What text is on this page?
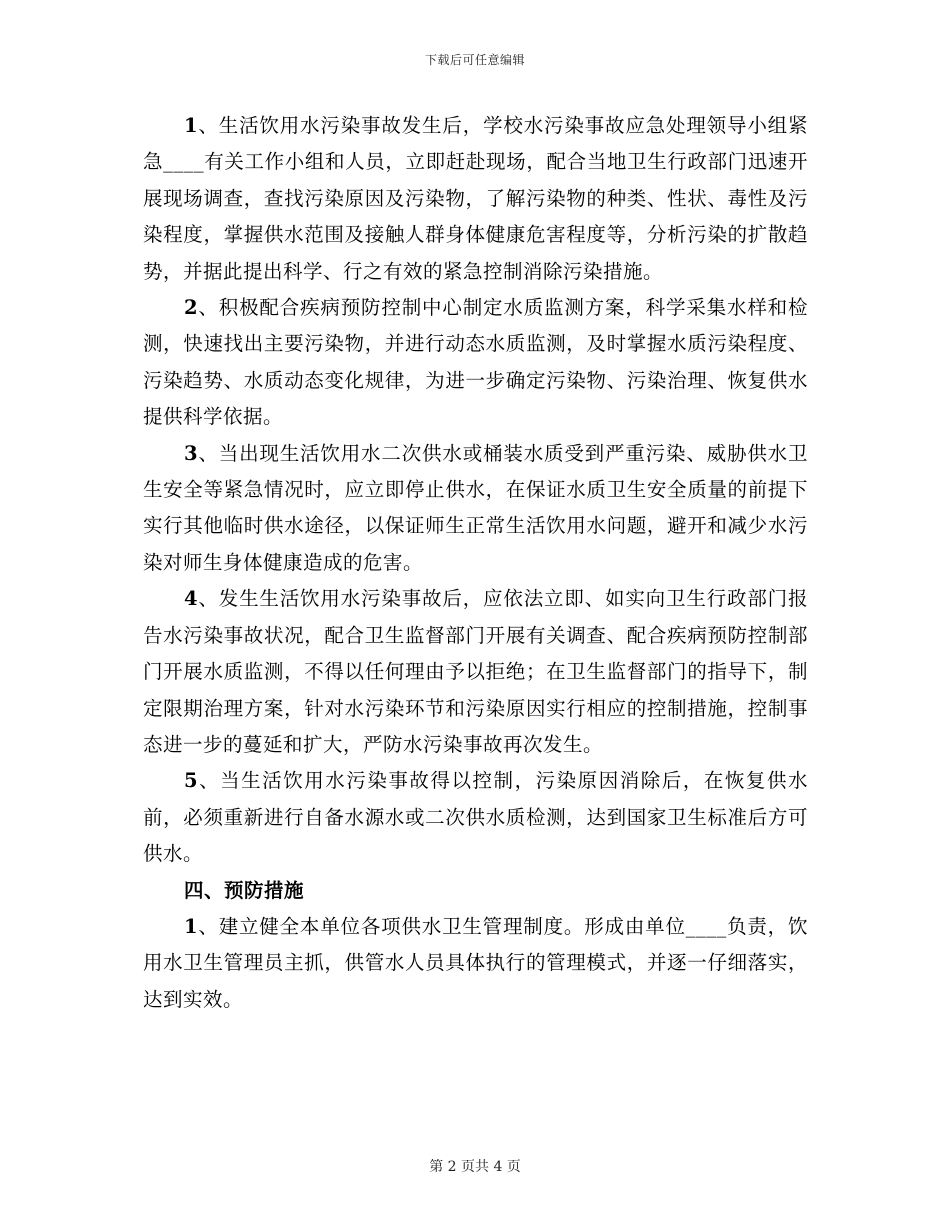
下载后可任意编辑

1、生活饮用水污染事故发生后，学校水污染事故应急处理领导小组紧急____有关工作小组和人员，立即赶赴现场，配合当地卫生行政部门迅速开展现场调查，查找污染原因及污染物，了解污染物的种类、性状、毒性及污染程度，掌握供水范围及接触人群身体健康危害程度等，分析污染的扩散趋势，并据此提出科学、行之有效的紧急控制消除污染措施。

2、积极配合疾病预防控制中心制定水质监测方案，科学采集水样和检测，快速找出主要污染物，并进行动态水质监测，及时掌握水质污染程度、污染趋势、水质动态变化规律，为进一步确定污染物、污染治理、恢复供水提供科学依据。

3、当出现生活饮用水二次供水或桶装水质受到严重污染、威胁供水卫生安全等紧急情况时，应立即停止供水，在保证水质卫生安全质量的前提下实行其他临时供水途径，以保证师生正常生活饮用水问题，避开和减少水污染对师生身体健康造成的危害。

4、发生生活饮用水污染事故后，应依法立即、如实向卫生行政部门报告水污染事故状况，配合卫生监督部门开展有关调查、配合疾病预防控制部门开展水质监测，不得以任何理由予以拒绝；在卫生监督部门的指导下，制定限期治理方案，针对水污染环节和污染原因实行相应的控制措施，控制事态进一步的蔓延和扩大，严防水污染事故再次发生。

5、当生活饮用水污染事故得以控制，污染原因消除后，在恢复供水前，必须重新进行自备水源水或二次供水质检测，达到国家卫生标准后方可供水。

四、预防措施

1、建立健全本单位各项供水卫生管理制度。形成由单位____负责，饮用水卫生管理员主抓，供管水人员具体执行的管理模式，并逐一仔细落实，达到实效。

第 2 页共 4 页
